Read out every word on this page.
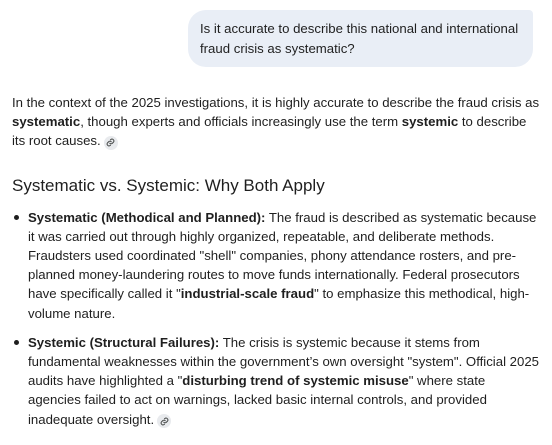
Is it accurate to describe this national and international fraud crisis as systematic?

In the context of the 2025 investigations, it is highly accurate to describe the fraud crisis as systematic, though experts and officials increasingly use the term systemic to describe its root causes.

Systematic vs. Systemic: Why Both Apply
Systematic (Methodical and Planned): The fraud is described as systematic because it was carried out through highly organized, repeatable, and deliberate methods. Fraudsters used coordinated "shell" companies, phony attendance rosters, and pre-planned money-laundering routes to move funds internationally. Federal prosecutors have specifically called it "industrial-scale fraud" to emphasize this methodical, high-volume nature.
Systemic (Structural Failures): The crisis is systemic because it stems from fundamental weaknesses within the government’s own oversight "system". Official 2025 audits have highlighted a "disturbing trend of systemic misuse" where state agencies failed to act on warnings, lacked basic internal controls, and provided inadequate oversight.
